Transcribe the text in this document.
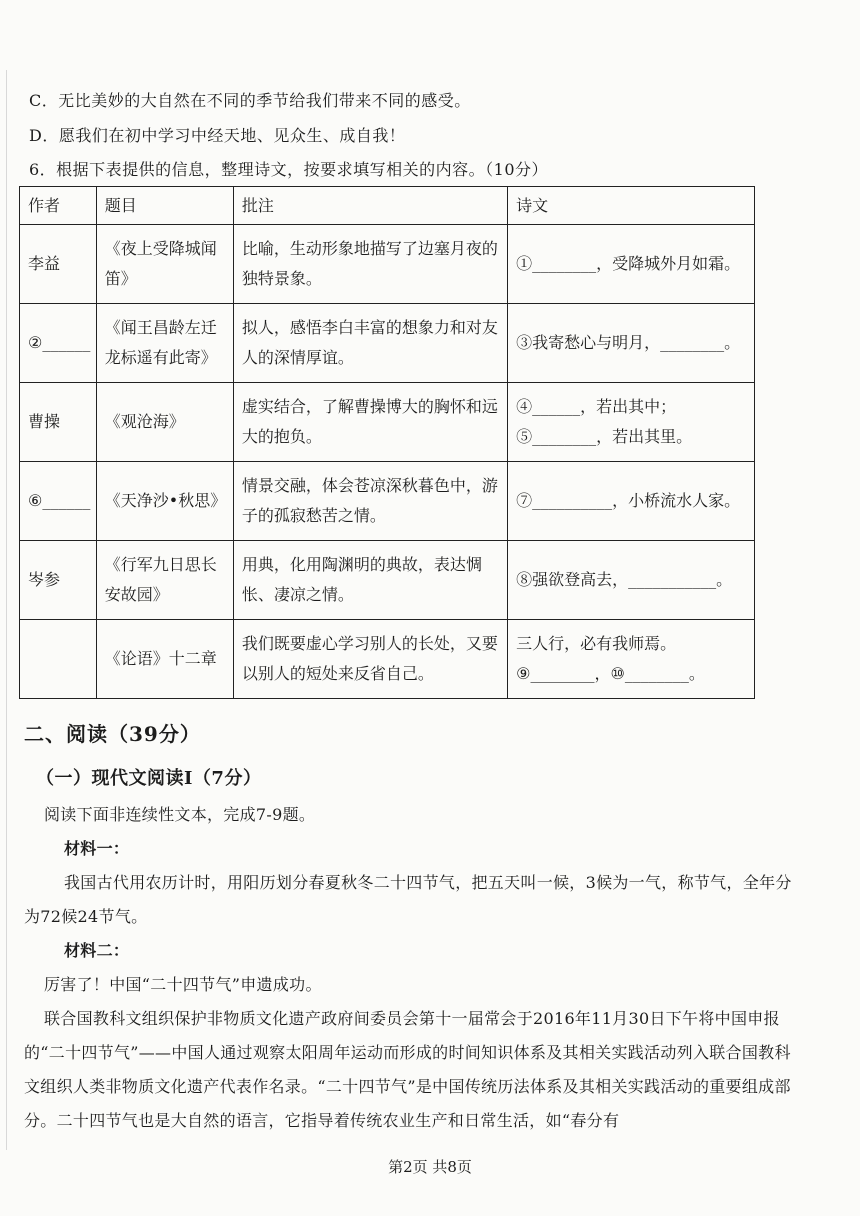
C．无比美妙的大自然在不同的季节给我们带来不同的感受。
D．愿我们在初中学习中经天地、见众生、成自我！
6．根据下表提供的信息，整理诗文，按要求填写相关的内容。（10分）
作者	题目	批注	诗文
李益	《夜上受降城闻笛》	比喻，生动形象地描写了边塞月夜的独特景象。	①________，受降城外月如霜。
②______	《闻王昌龄左迁龙标遥有此寄》	拟人，感悟李白丰富的想象力和对友人的深情厚谊。	③我寄愁心与明月，________。
曹操	《观沧海》	虚实结合，了解曹操博大的胸怀和远大的抱负。	④______，若出其中；
⑤________，若出其里。
⑥______	《天净沙•秋思》	情景交融，体会苍凉深秋暮色中，游子的孤寂愁苦之情。	⑦__________，小桥流水人家。
岑参	《行军九日思长安故园》	用典，化用陶渊明的典故，表达惆怅、凄凉之情。	⑧强欲登高去，___________。
	《论语》十二章	我们既要虚心学习别人的长处，又要以别人的短处来反省自己。	三人行，必有我师焉。
⑨________，⑩________。
二、阅读（39分）
（一）现代文阅读Ⅰ（7分）
阅读下面非连续性文本，完成7-9题。
材料一：
我国古代用农历计时，用阳历划分春夏秋冬二十四节气，把五天叫一候，3候为一气，称节气，全年分为72候24节气。
材料二：
厉害了！中国“二十四节气”申遗成功。
联合国教科文组织保护非物质文化遗产政府间委员会第十一届常会于2016年11月30日下午将中国申报的“二十四节气”——中国人通过观察太阳周年运动而形成的时间知识体系及其相关实践活动列入联合国教科文组织人类非物质文化遗产代表作名录。“二十四节气”是中国传统历法体系及其相关实践活动的重要组成部分。二十四节气也是大自然的语言，它指导着传统农业生产和日常生活，如“春分有
第2页 共8页
